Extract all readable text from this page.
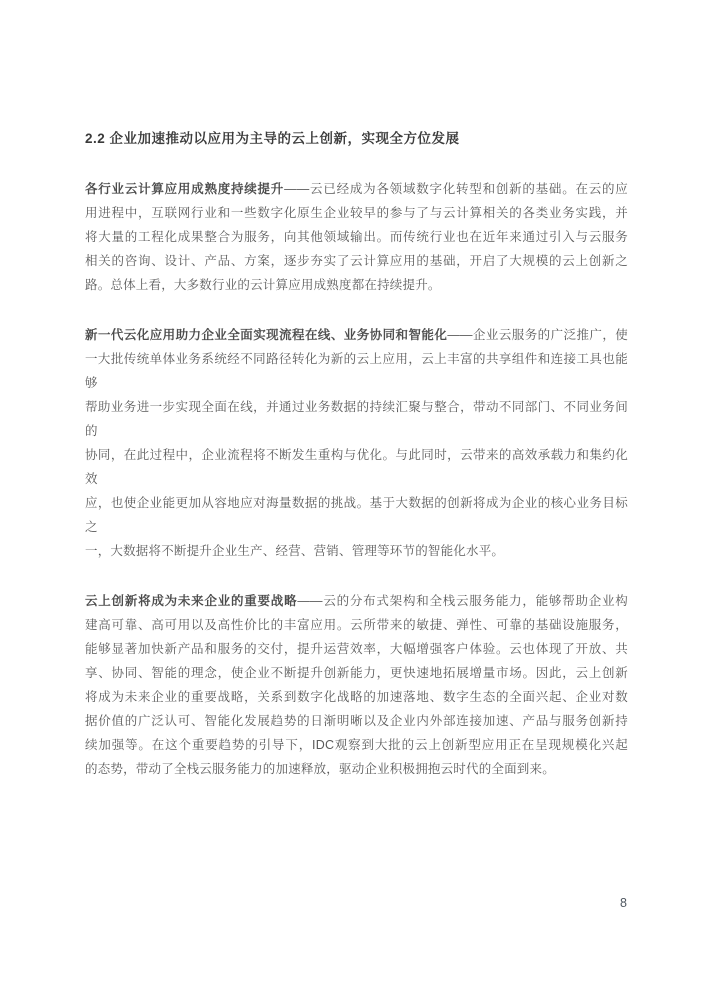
2.2 企业加速推动以应用为主导的云上创新，实现全方位发展
各行业云计算应用成熟度持续提升——云已经成为各领域数字化转型和创新的基础。在云的应
用进程中，互联网行业和一些数字化原生企业较早的参与了与云计算相关的各类业务实践，并
将大量的工程化成果整合为服务，向其他领域输出。而传统行业也在近年来通过引入与云服务
相关的咨询、设计、产品、方案，逐步夯实了云计算应用的基础，开启了大规模的云上创新之
路。总体上看，大多数行业的云计算应用成熟度都在持续提升。
新一代云化应用助力企业全面实现流程在线、业务协同和智能化——企业云服务的广泛推广，使
一大批传统单体业务系统经不同路径转化为新的云上应用，云上丰富的共享组件和连接工具也能够
帮助业务进一步实现全面在线，并通过业务数据的持续汇聚与整合，带动不同部门、不同业务间的
协同，在此过程中，企业流程将不断发生重构与优化。与此同时，云带来的高效承载力和集约化效
应，也使企业能更加从容地应对海量数据的挑战。基于大数据的创新将成为企业的核心业务目标之
一，大数据将不断提升企业生产、经营、营销、管理等环节的智能化水平。
云上创新将成为未来企业的重要战略——云的分布式架构和全栈云服务能力，能够帮助企业构
建高可靠、高可用以及高性价比的丰富应用。云所带来的敏捷、弹性、可靠的基础设施服务，
能够显著加快新产品和服务的交付，提升运营效率，大幅增强客户体验。云也体现了开放、共
享、协同、智能的理念，使企业不断提升创新能力，更快速地拓展增量市场。因此，云上创新
将成为未来企业的重要战略，关系到数字化战略的加速落地、数字生态的全面兴起、企业对数
据价值的广泛认可、智能化发展趋势的日渐明晰以及企业内外部连接加速、产品与服务创新持
续加强等。在这个重要趋势的引导下，IDC观察到大批的云上创新型应用正在呈现规模化兴起
的态势，带动了全栈云服务能力的加速释放，驱动企业积极拥抱云时代的全面到来。
8
